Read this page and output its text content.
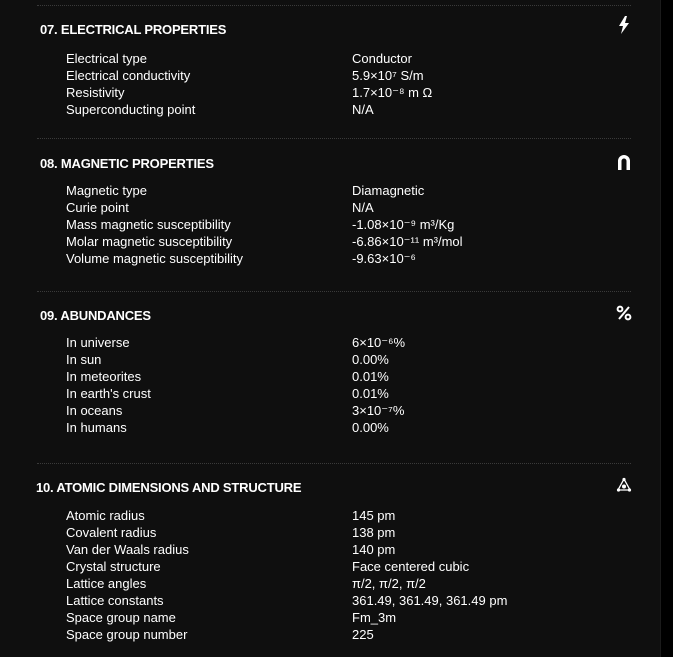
07. ELECTRICAL PROPERTIES
Electrical type	Conductor
Electrical conductivity	5.9×10⁷ S/m
Resistivity	1.7×10⁻⁸ m Ω
Superconducting point	N/A
08. MAGNETIC PROPERTIES
Magnetic type	Diamagnetic
Curie point	N/A
Mass magnetic susceptibility	-1.08×10⁻⁹ m³/Kg
Molar magnetic susceptibility	-6.86×10⁻¹¹ m³/mol
Volume magnetic susceptibility	-9.63×10⁻⁶
09. ABUNDANCES
In universe	6×10⁻⁶%
In sun	0.00%
In meteorites	0.01%
In earth's crust	0.01%
In oceans	3×10⁻⁷%
In humans	0.00%
10. ATOMIC DIMENSIONS AND STRUCTURE
Atomic radius	145 pm
Covalent radius	138 pm
Van der Waals radius	140 pm
Crystal structure	Face centered cubic
Lattice angles	π/2, π/2, π/2
Lattice constants	361.49, 361.49, 361.49 pm
Space group name	Fm_3m
Space group number	225
